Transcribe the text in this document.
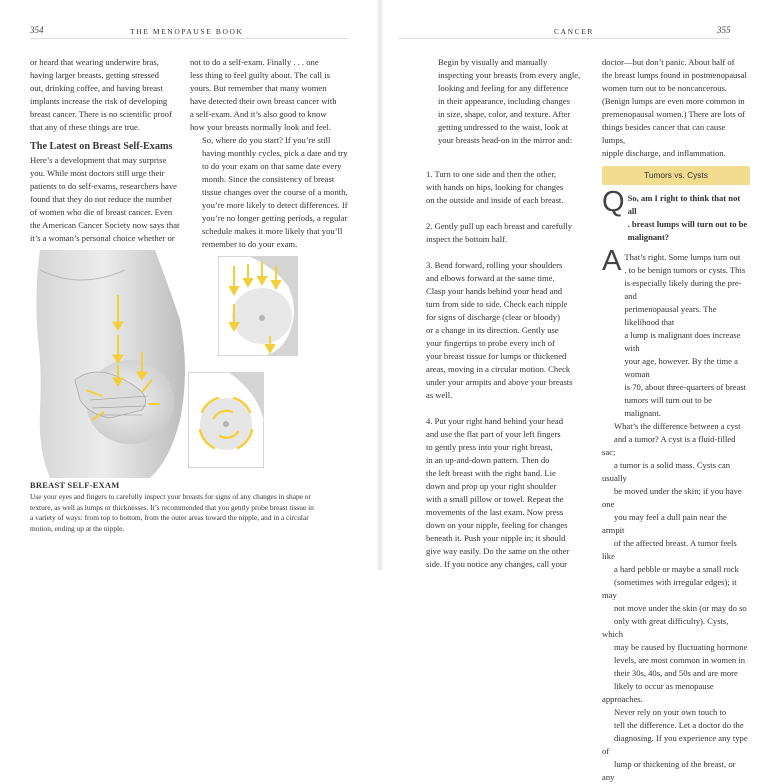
354	THE MENOPAUSE BOOK

or heard that wearing underwire bras,
having larger breasts, getting stressed
out, drinking coffee, and having breast
implants increase the risk of developing
breast cancer. There is no scientific proof
that any of these things are true.

The Latest on Breast Self-Exams

Here’s a development that may surprise
you. While most doctors still urge their
patients to do self-exams, researchers have
found that they do not reduce the number
of women who die of breast cancer. Even
the American Cancer Society now says that
it’s a woman’s personal choice whether or

not to do a self-exam. Finally . . . one
less thing to feel guilty about. The call is
yours. But remember that many women
have detected their own breast cancer with
a self-exam. And it’s also good to know
how your breasts normally look and feel.

So, where do you start? If you’re still
having monthly cycles, pick a date and try
to do your exam on that same date every
month. Since the consistency of breast
tissue changes over the course of a month,
you’re more likely to detect differences. If
you’re no longer getting periods, a regular
schedule makes it more likely that you’ll
remember to do your exam.

BREAST SELF-EXAM
Use your eyes and fingers to carefully inspect your breasts for signs of any changes in shape or
texture, as well as lumps or thicknesses. It’s recommended that you gently probe breast tissue in
a variety of ways: from top to bottom, from the outer areas toward the nipple, and in a circular
motion, ending up at the nipple.
CANCER	355

Begin by visually and manually
inspecting your breasts from every angle,
looking and feeling for any difference
in their appearance, including changes
in size, shape, color, and texture. After
getting undressed to the waist, look at
your breasts head-on in the mirror and:

1. Turn to one side and then the other,
with hands on hips, looking for changes
on the outside and inside of each breast.

2. Gently pull up each breast and carefully
inspect the bottom half.

3. Bend forward, rolling your shoulders
and elbows forward at the same time.
Clasp your hands behind your head and
turn from side to side. Check each nipple
for signs of discharge (clear or bloody)
or a change in its direction. Gently use
your fingertips to probe every inch of
your breast tissue for lumps or thickened
areas, moving in a circular motion. Check
under your armpits and above your breasts
as well.

4. Put your right hand behind your head
and use the flat part of your left fingers
to gently press into your right breast,
in an up-and-down pattern. Then do
the left breast with the right hand. Lie
down and prop up your right shoulder
with a small pillow or towel. Repeat the
movements of the last exam. Now press
down on your nipple, feeling for changes
beneath it. Push your nipple in; it should
give way easily. Do the same on the other
side. If you notice any changes, call your

doctor—but don’t panic. About half of
the breast lumps found in postmenopausal
women turn out to be noncancerous.
(Benign lumps are even more common in
premenopausal women.) There are lots of
things besides cancer that can cause lumps,
nipple discharge, and inflammation.

Tumors vs. Cysts
Q So, am I right to think that not all
. breast lumps will turn out to be
malignant?
A That’s right. Some lumps turn out
. to be benign tumors or cysts. This
is especially likely during the pre- and
perimenopausal years. The likelihood that
a lump is malignant does increase with
your age, however. By the time a woman
is 70, about three-quarters of breast
tumors will turn out to be malignant.

What’s the difference between a cyst
and a tumor? A cyst is a fluid-filled sac;
a tumor is a solid mass. Cysts can usually
be moved under the skin; if you have one
you may feel a dull pain near the armpit
of the affected breast. A tumor feels like
a hard pebble or maybe a small rock
(sometimes with irregular edges); it may
not move under the skin (or may do so
only with great difficulty). Cysts, which
may be caused by fluctuating hormone
levels, are most common in women in
their 30s, 40s, and 50s and are more
likely to occur as menopause approaches.

Never rely on your own touch to
tell the difference. Let a doctor do the
diagnosing. If you experience any type of
lump or thickening of the breast, or any
